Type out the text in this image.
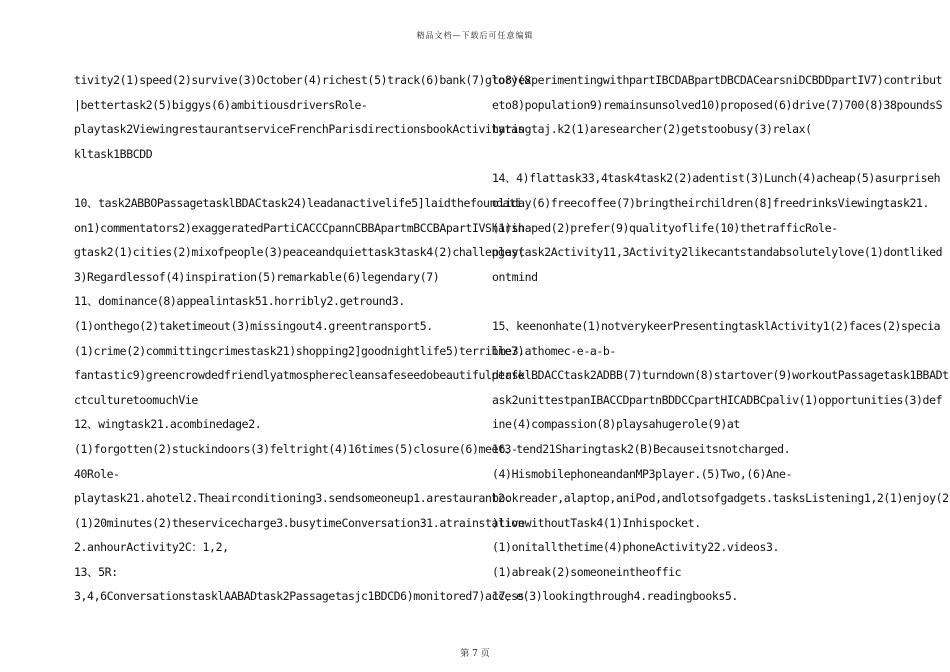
精品文档—下载后可任意编辑
tivity2(1)speed(2)survive(3)October(4)richest(5)track(6)bank(7)glory(8
|bettertask2(5)biggys(6)ambitiousdriversRole-
playtask2ViewingrestaurantserviceFrenchParisdirectionsbookActivitytas
kltask1BBCDD
10、task2ABBOPassagetasklBDACtask24)leadanactivelife5]laidthefoundati
on1)commentators2)exaggeratedPartiCACCCpannCBBApartmBCCBApartIVSharin
gtask2(1)cities(2)mixofpeople(3)peaceandquiettask3task4(2)challenges(
3)Regardlessof(4)inspiration(5)remarkable(6)legendary(7)
11、dominance(8)appealintask51.horribly2.getround3.
(1)onthego(2)taketimeout(3)missingout4.greentransport5.
(1)crime(2)committingcrimestask21)shopping2]goodnightlife5)terrible7)
fantastic9)greencrowdedfriendlyatmospherecleansafeseedobeautifulperfe
ctculturetoomuchVie
12、wingtask21.acombinedage2.
(1)forgotten(2)stuckindoors(3)feltright(4)16times(5)closure(6)meet3-
40Role-
playtask21.ahotel2.Theairconditioning3.sendsomeoneup1.arestaurant2.
(1)20minutes(2)theservicecharge3.busytimeConversation31.atrainstation
2.anhourActivity2C：1,2,
13、5R:
3,4,6ConversationstasklAABADtask2Passagetasjc1BDCD6)monitored7)access
to8)experimentingwithpartIBCDABpartDBCDACearsniDCBDDpartIV7)contribut
eto8)population9)remainsunsolved10)proposed(6)drive(7)700(8)38poundsS
haringtaj.k2(1)aresearcher(2)getstoobusy(3)relax(
14、4)flattask33,4task4task2(2)adentist(3)Lunch(4)acheap(5)asurpriseh
oliday(6)freecoffee(7)bringtheirchildren(8]freedrinksViewingtask21.
(1)shaped(2)prefer(9)qualityoflife(10)thetrafficRole-
playtask2Activity11,3Activity2likecantstandabsolutelylove(1)dontliked
ontmind
15、keenonhate(1)notverykeerPresentingtasklActivity1(2)faces(2)specia
lme3.athomec-e-a-b-
dtasklBDACCtask2ADBB(7)turndown(8)startover(9)workoutPassagetask1BBADt
ask2unittestpanIBACCDpartnBDDCCpartHICADBCpaliv(1)opportunities(3)def
ine(4)compassion(8)playsahugerole(9)at
16、tend21Sharingtask2(B)Becauseitsnotcharged.
(4)HismobilephoneandanMP3player.(5)Two,(6)Ane-
bookreader,alaptop,aniPod,andlotsofgadgets.tasksListening1,2(1)enjoy(2
)livewithoutTask4(1)Inhispocket.
(1)onitallthetime(4)phoneActivity22.videos3.
(1)abreak(2)someoneintheoffic
17、e(3)lookingthrough4.readingbooks5.
第 7 页
